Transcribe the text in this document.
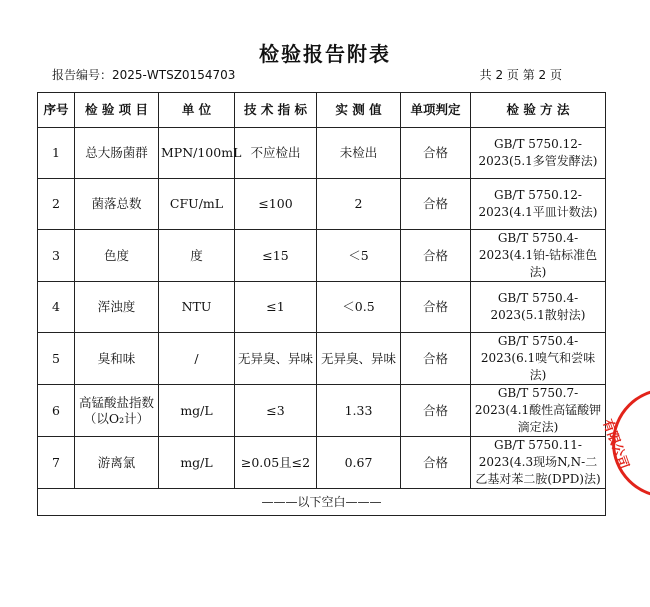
检验报告附表
报告编号：2025-WTSZ0154703	共 2 页 第 2 页
序号	检 验 项 目	单 位	技 术 指 标	实 测 值	单项判定	检 验 方 法
1	总大肠菌群	MPN/100mL	不应检出	未检出	合格	GB/T 5750.12-2023(5.1多管发酵法)
2	菌落总数	CFU/mL	≤100	2	合格	GB/T 5750.12-2023(4.1平皿计数法)
3	色度	度	≤15	＜5	合格	GB/T 5750.4-2023(4.1铂-钴标准色法)
4	浑浊度	NTU	≤1	＜0.5	合格	GB/T 5750.4-2023(5.1散射法)
5	臭和味	/	无异臭、异味	无异臭、异味	合格	GB/T 5750.4-2023(6.1嗅气和尝味法)
6	高锰酸盐指数（以O₂计）	mg/L	≤3	1.33	合格	GB/T 5750.7-2023(4.1酸性高锰酸钾滴定法)
7	游离氯	mg/L	≥0.05且≤2	0.67	合格	GB/T 5750.11-2023(4.3现场N,N-二乙基对苯二胺(DPD)法)
———以下空白———						
有限公司
